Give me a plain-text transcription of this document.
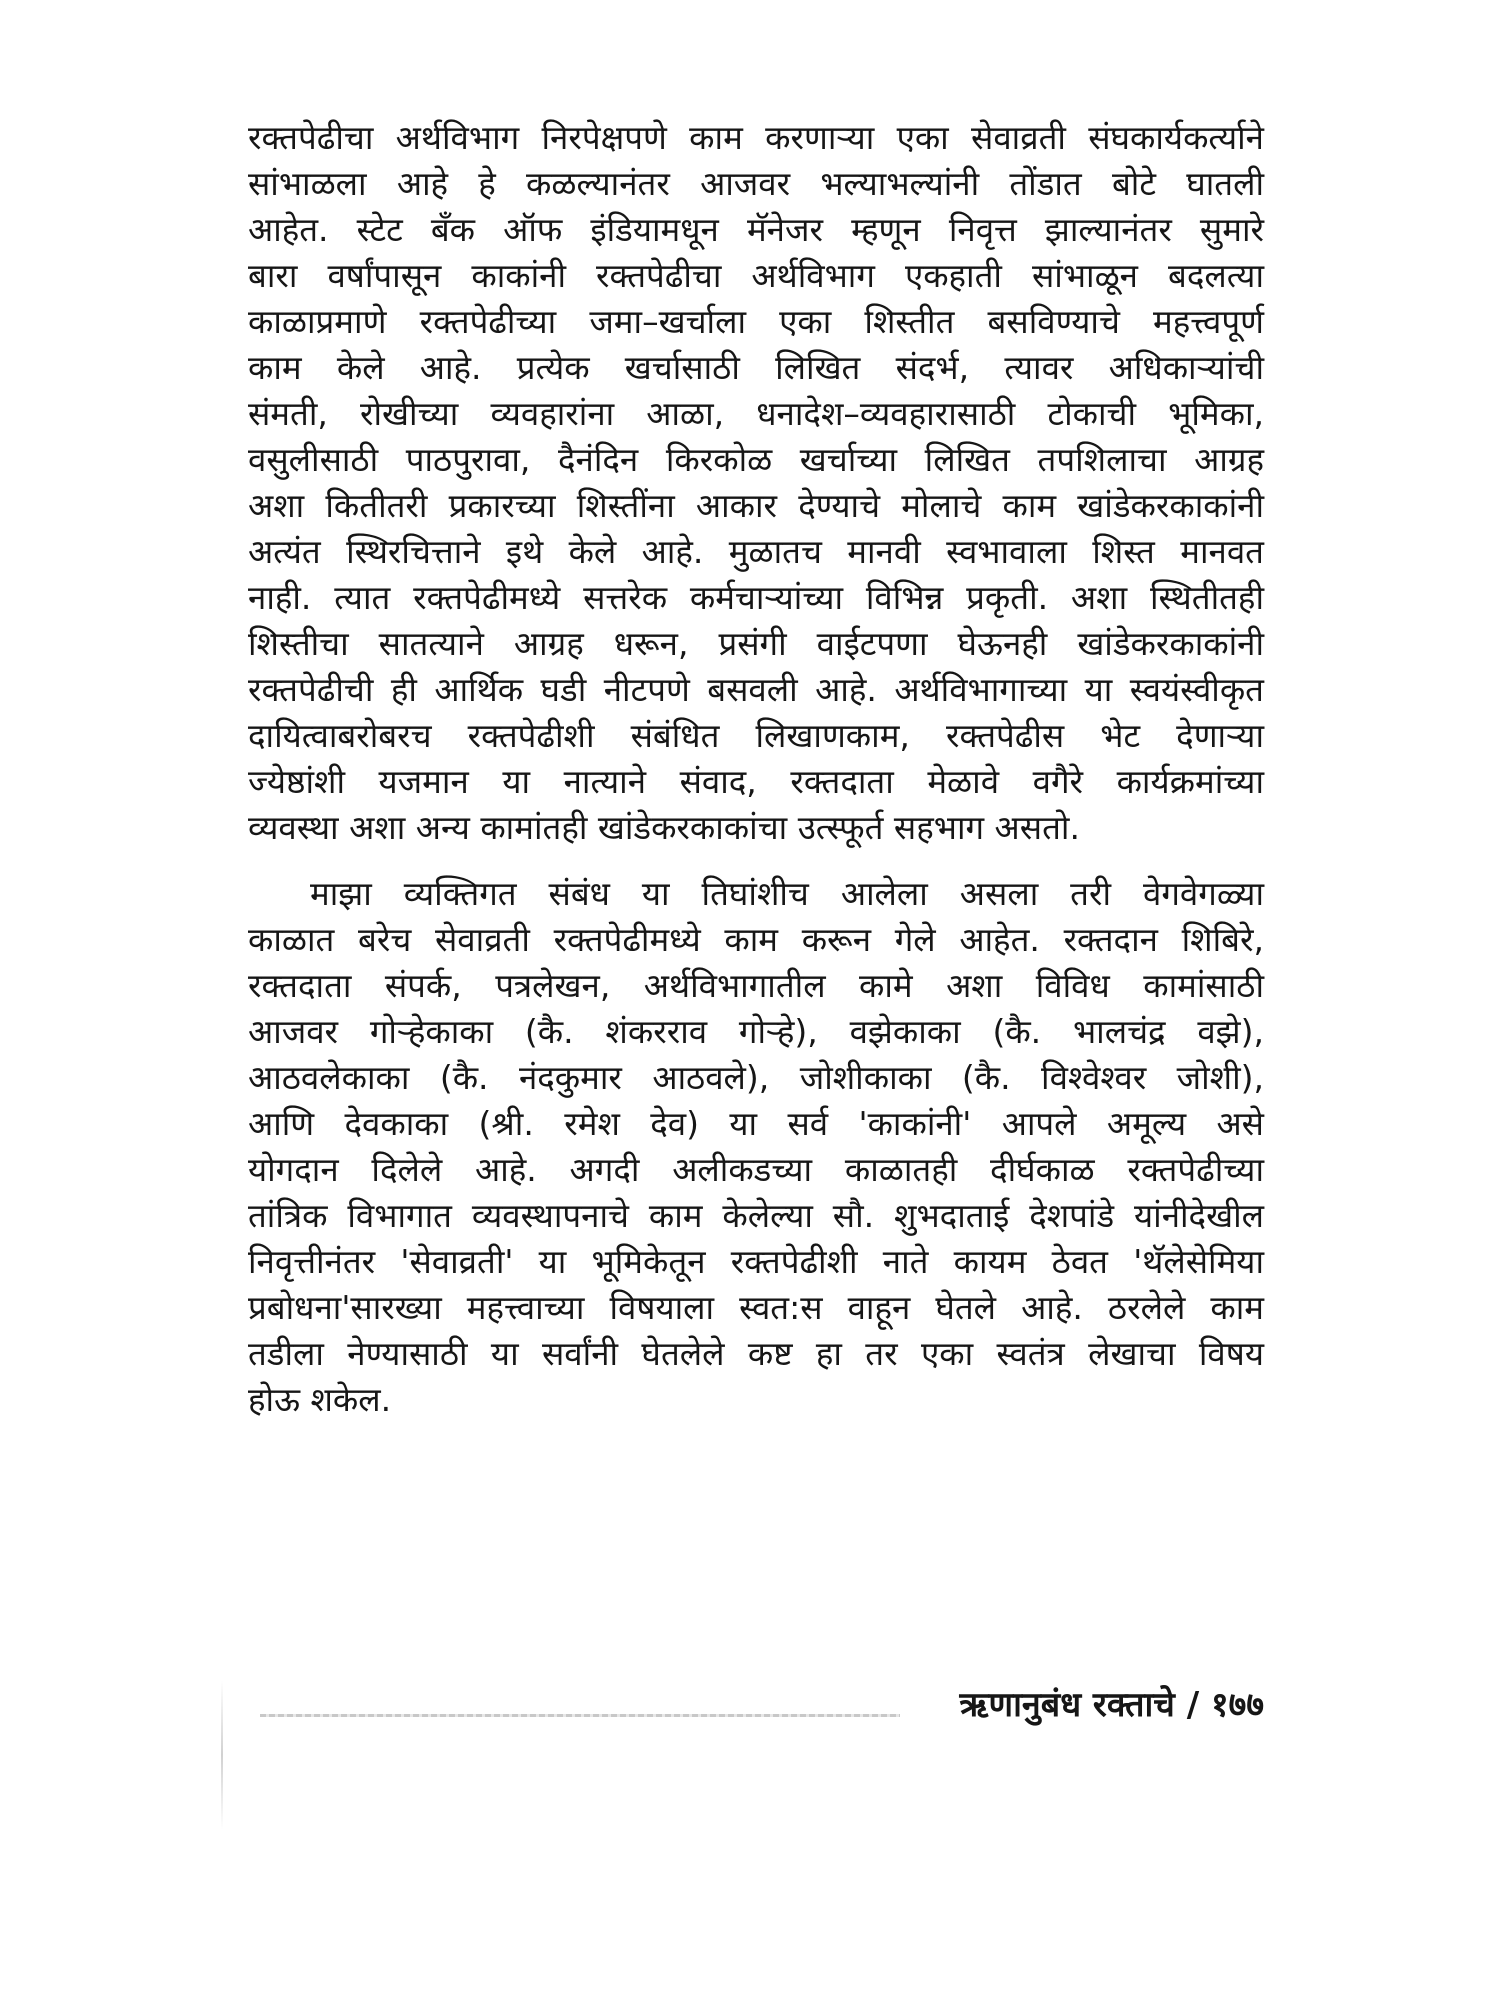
रक्तपेढीचा अर्थविभाग निरपेक्षपणे काम करणाऱ्या एका सेवाव्रती संघकार्यकर्त्याने
सांभाळला आहे हे कळल्यानंतर आजवर भल्याभल्यांनी तोंडात बोटे घातली
आहेत. स्टेट बँक ऑफ इंडियामधून मॅनेजर म्हणून निवृत्त झाल्यानंतर सुमारे
बारा वर्षांपासून काकांनी रक्तपेढीचा अर्थविभाग एकहाती सांभाळून बदलत्या
काळाप्रमाणे रक्तपेढीच्या जमा–खर्चाला एका शिस्तीत बसविण्याचे महत्त्वपूर्ण
काम केले आहे. प्रत्येक खर्चासाठी लिखित संदर्भ, त्यावर अधिकाऱ्यांची
संमती, रोखीच्या व्यवहारांना आळा, धनादेश–व्यवहारासाठी टोकाची भूमिका,
वसुलीसाठी पाठपुरावा, दैनंदिन किरकोळ खर्चाच्या लिखित तपशिलाचा आग्रह
अशा कितीतरी प्रकारच्या शिस्तींना आकार देण्याचे मोलाचे काम खांडेकरकाकांनी
अत्यंत स्थिरचित्ताने इथे केले आहे. मुळातच मानवी स्वभावाला शिस्त मानवत
नाही. त्यात रक्तपेढीमध्ये सत्तरेक कर्मचाऱ्यांच्या विभिन्न प्रकृती. अशा स्थितीतही
शिस्तीचा सातत्याने आग्रह धरून, प्रसंगी वाईटपणा घेऊनही खांडेकरकाकांनी
रक्तपेढीची ही आर्थिक घडी नीटपणे बसवली आहे. अर्थविभागाच्या या स्वयंस्वीकृत
दायित्वाबरोबरच रक्तपेढीशी संबंधित लिखाणकाम, रक्तपेढीस भेट देणाऱ्या
ज्येष्ठांशी यजमान या नात्याने संवाद, रक्तदाता मेळावे वगैरे कार्यक्रमांच्या
व्यवस्था अशा अन्य कामांतही खांडेकरकाकांचा उत्स्फूर्त सहभाग असतो.
माझा व्यक्तिगत संबंध या तिघांशीच आलेला असला तरी वेगवेगळ्या
काळात बरेच सेवाव्रती रक्तपेढीमध्ये काम करून गेले आहेत. रक्तदान शिबिरे,
रक्तदाता संपर्क, पत्रलेखन, अर्थविभागातील कामे अशा विविध कामांसाठी
आजवर गोऱ्हेकाका (कै. शंकरराव गोऱ्हे), वझेकाका (कै. भालचंद्र वझे),
आठवलेकाका (कै. नंदकुमार आठवले), जोशीकाका (कै. विश्वेश्वर जोशी),
आणि देवकाका (श्री. रमेश देव) या सर्व 'काकांनी' आपले अमूल्य असे
योगदान दिलेले आहे. अगदी अलीकडच्या काळातही दीर्घकाळ रक्तपेढीच्या
तांत्रिक विभागात व्यवस्थापनाचे काम केलेल्या सौ. शुभदाताई देशपांडे यांनीदेखील
निवृत्तीनंतर 'सेवाव्रती' या भूमिकेतून रक्तपेढीशी नाते कायम ठेवत 'थॅलेसेमिया
प्रबोधना'सारख्या महत्त्वाच्या विषयाला स्वत:स वाहून घेतले आहे. ठरलेले काम
तडीला नेण्यासाठी या सर्वांनी घेतलेले कष्ट हा तर एका स्वतंत्र लेखाचा विषय
होऊ शकेल.
ऋणानुबंध रक्ताचे / १७७
